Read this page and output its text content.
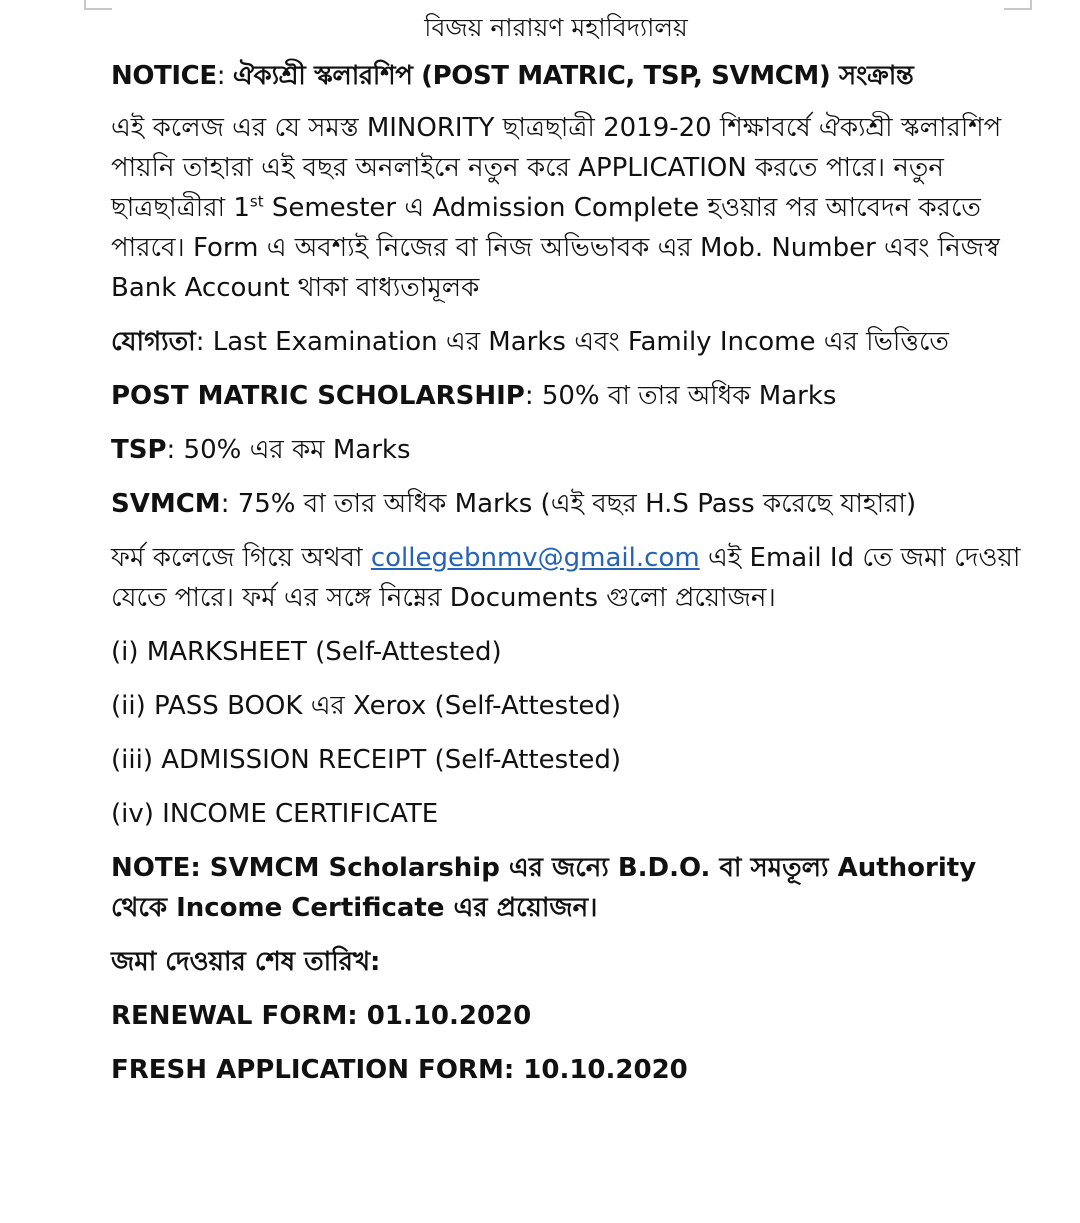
বিজয় নারায়ণ মহাবিদ্যালয়
NOTICE: ঐক্যশ্রী স্কলারশিপ (POST MATRIC, TSP, SVMCM) সংক্রান্ত
এই কলেজ এর যে সমস্ত MINORITY ছাত্রছাত্রী 2019-20 শিক্ষাবর্ষে ঐক্যশ্রী স্কলারশিপ পায়নি তাহারা এই বছর অনলাইনে নতুন করে APPLICATION করতে পারে। নতুন ছাত্রছাত্রীরা 1st Semester এ Admission Complete হওয়ার পর আবেদন করতে পারবে। Form এ অবশ্যই নিজের বা নিজ অভিভাবক এর Mob. Number এবং নিজস্ব Bank Account থাকা বাধ্যতামূলক
যোগ্যতা: Last Examination এর Marks এবং Family Income এর ভিত্তিতে
POST MATRIC SCHOLARSHIP: 50% বা তার অধিক Marks
TSP: 50% এর কম Marks
SVMCM: 75% বা তার অধিক Marks (এই বছর H.S Pass করেছে যাহারা)
ফর্ম কলেজে গিয়ে অথবা collegebnmv@gmail.com এই Email Id তে জমা দেওয়া যেতে পারে। ফর্ম এর সঙ্গে নিম্নের Documents গুলো প্রয়োজন।
(i) MARKSHEET (Self-Attested)
(ii) PASS BOOK এর Xerox (Self-Attested)
(iii) ADMISSION RECEIPT (Self-Attested)
(iv) INCOME CERTIFICATE
NOTE: SVMCM Scholarship এর জন্যে B.D.O. বা সমতূল্য Authority থেকে Income Certificate এর প্রয়োজন।
জমা দেওয়ার শেষ তারিখ:
RENEWAL FORM: 01.10.2020
FRESH APPLICATION FORM: 10.10.2020
